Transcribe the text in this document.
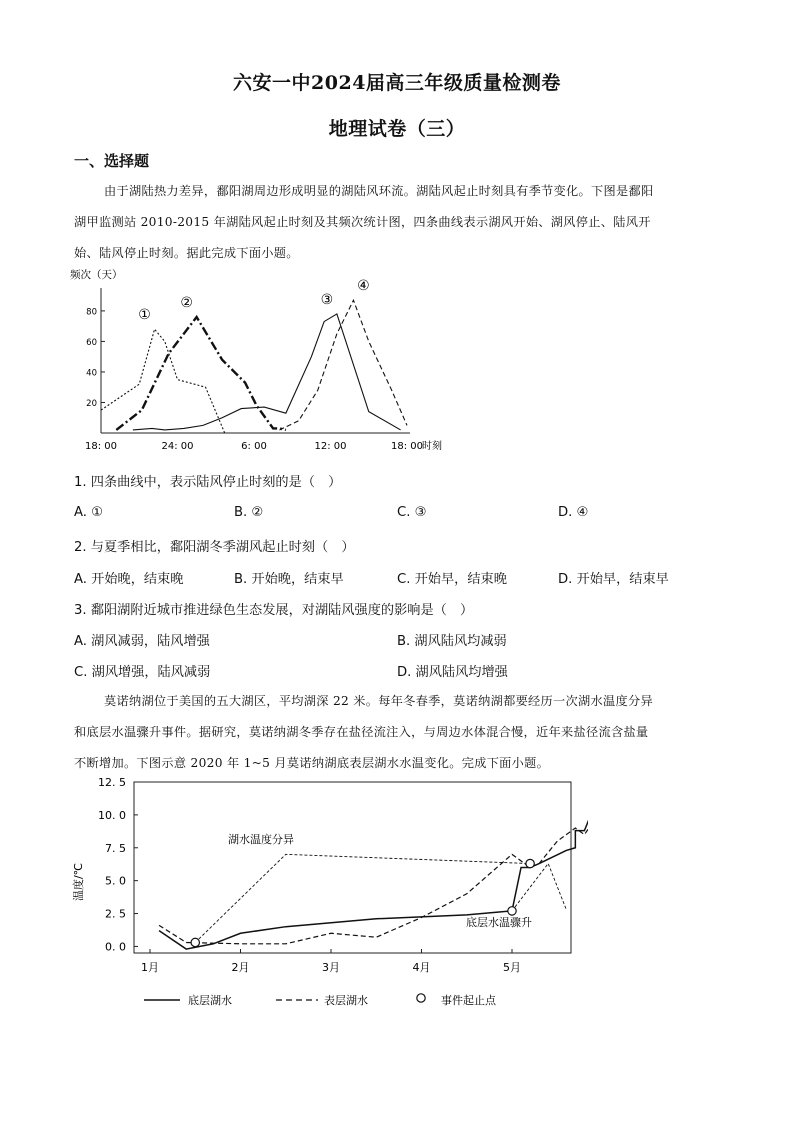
六安一中2024届高三年级质量检测卷
地理试卷（三）
一、选择题
由于湖陆热力差异，鄱阳湖周边形成明显的湖陆风环流。湖陆风起止时刻具有季节变化。下图是鄱阳
湖甲监测站 2010-2015 年湖陆风起止时刻及其频次统计图，四条曲线表示湖风开始、湖风停止、陆风开
始、陆风停止时刻。据此完成下面小题。
频次（天）
20
40
60
80
18: 00	24: 00	6: 00	12: 00	18: 00 时刻
①
②	③
④
1. 四条曲线中，表示陆风停止时刻的是（　）
A. ①	B. ②	C. ③	D. ④
2. 与夏季相比，鄱阳湖冬季湖风起止时刻（　）
A. 开始晚，结束晚	B. 开始晚，结束早	C. 开始早，结束晚	D. 开始早，结束早
3. 鄱阳湖附近城市推进绿色生态发展，对湖陆风强度的影响是（　）
A. 湖风减弱，陆风增强	B. 湖风陆风均减弱
C. 湖风增强，陆风减弱	D. 湖风陆风均增强
莫诺纳湖位于美国的五大湖区，平均湖深 22 米。每年冬春季，莫诺纳湖都要经历一次湖水温度分异
和底层水温骤升事件。据研究，莫诺纳湖冬季存在盐径流注入，与周边水体混合慢，近年来盐径流含盐量
不断增加。下图示意 2020 年 1~5 月莫诺纳湖底表层湖水水温变化。完成下面小题。
温度/℃
12. 5
10. 0
7. 5
5. 0
2. 5
0. 0
1月	2月	3月	4月	5月
湖水温度分异
底层水温骤升
底层湖水	表层湖水	事件起止点
